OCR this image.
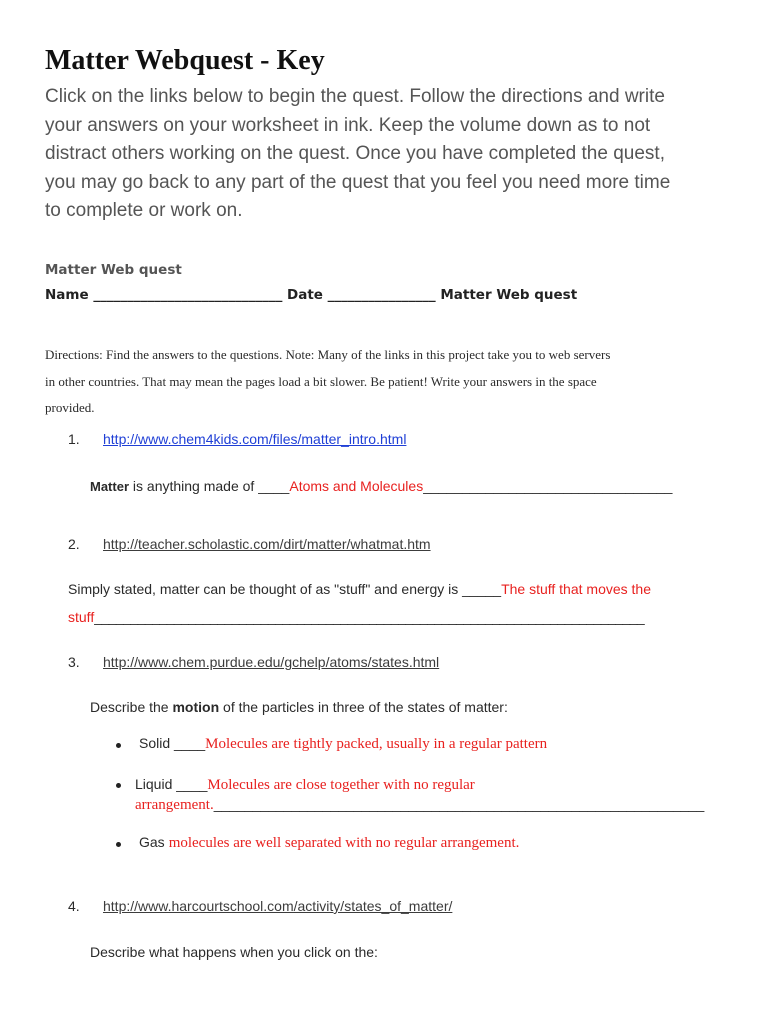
Matter Webquest - Key
Click on the links below to begin the quest. Follow the directions and write
your answers on your worksheet in ink. Keep the volume down as to not
distract others working on the quest. Once you have completed the quest,
you may go back to any part of the quest that you feel you need more time
to complete or work on.
Matter Web quest
Name ____________________________ Date ________________ Matter Web quest
Directions: Find the answers to the questions. Note: Many of the links in this project take you to web servers
in other countries. That may mean the pages load a bit slower. Be patient! Write your answers in the space
provided.
1. http://www.chem4kids.com/files/matter_intro.html
Matter is anything made of ____Atoms and Molecules________________________________
2. http://teacher.scholastic.com/dirt/matter/whatmat.htm
Simply stated, matter can be thought of as "stuff" and energy is _____The stuff that moves the
stuff____________________________________________________________________________
3. http://www.chem.purdue.edu/gchelp/atoms/states.html
Describe the motion of the particles in three of the states of matter:
Solid ____Molecules are tightly packed, usually in a regular pattern
Liquid ____Molecules are close together with no regular
arrangement._______________________________________________________________
Gas molecules are well separated with no regular arrangement.
4. http://www.harcourtschool.com/activity/states_of_matter/
Describe what happens when you click on the:
